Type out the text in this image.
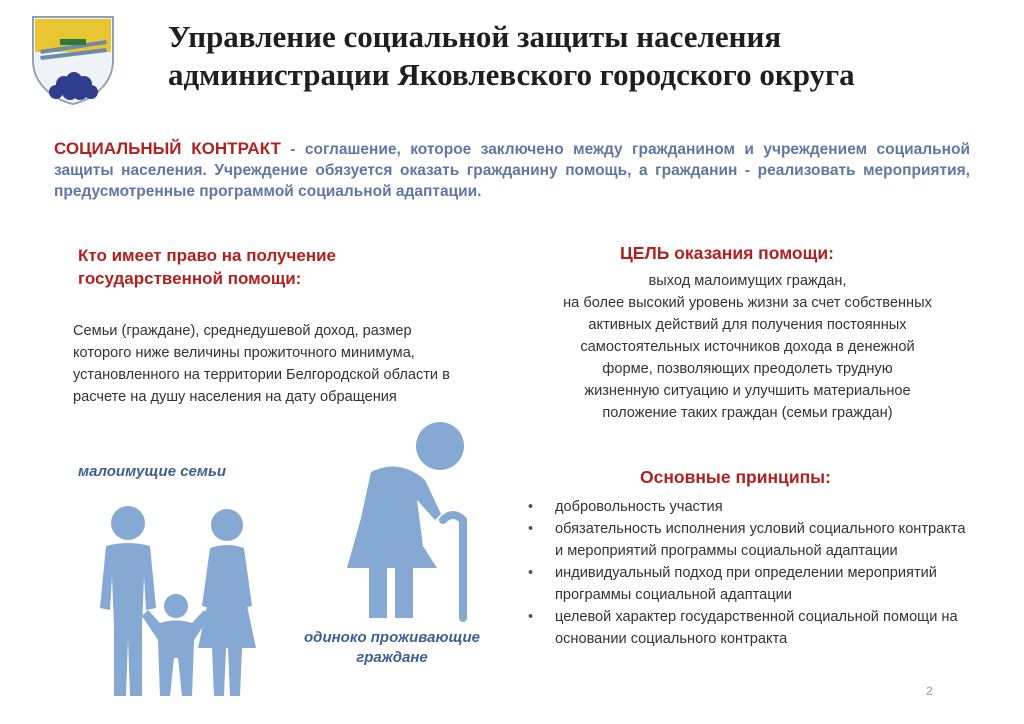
Управление социальной защиты населения
администрации Яковлевского городского округа
СОЦИАЛЬНЫЙ КОНТРАКТ - соглашение, которое заключено между гражданином и учреждением социальной защиты населения. Учреждение обязуется оказать гражданину помощь, а гражданин - реализовать мероприятия, предусмотренные программой социальной адаптации.
Кто имеет право на получение
государственной помощи:
Семьи (граждане), среднедушевой доход, размер которого ниже величины прожиточного минимума, установленного на территории Белгородской области в расчете на душу населения на дату обращения
ЦЕЛЬ оказания помощи:
выход малоимущих граждан,
на более высокий уровень жизни за счет собственных
активных действий для получения постоянных
самостоятельных источников дохода в денежной
форме, позволяющих преодолеть трудную
жизненную ситуацию и улучшить материальное
положение таких граждан (семьи граждан)
Основные принципы:
• добровольность участия
• обязательность исполнения условий социального контракта и мероприятий программы социальной адаптации
• индивидуальный подход при определении мероприятий программы социальной адаптации
• целевой характер государственной социальной помощи на основании социального контракта
2
малоимущие семьи
одиноко проживающие
граждане
